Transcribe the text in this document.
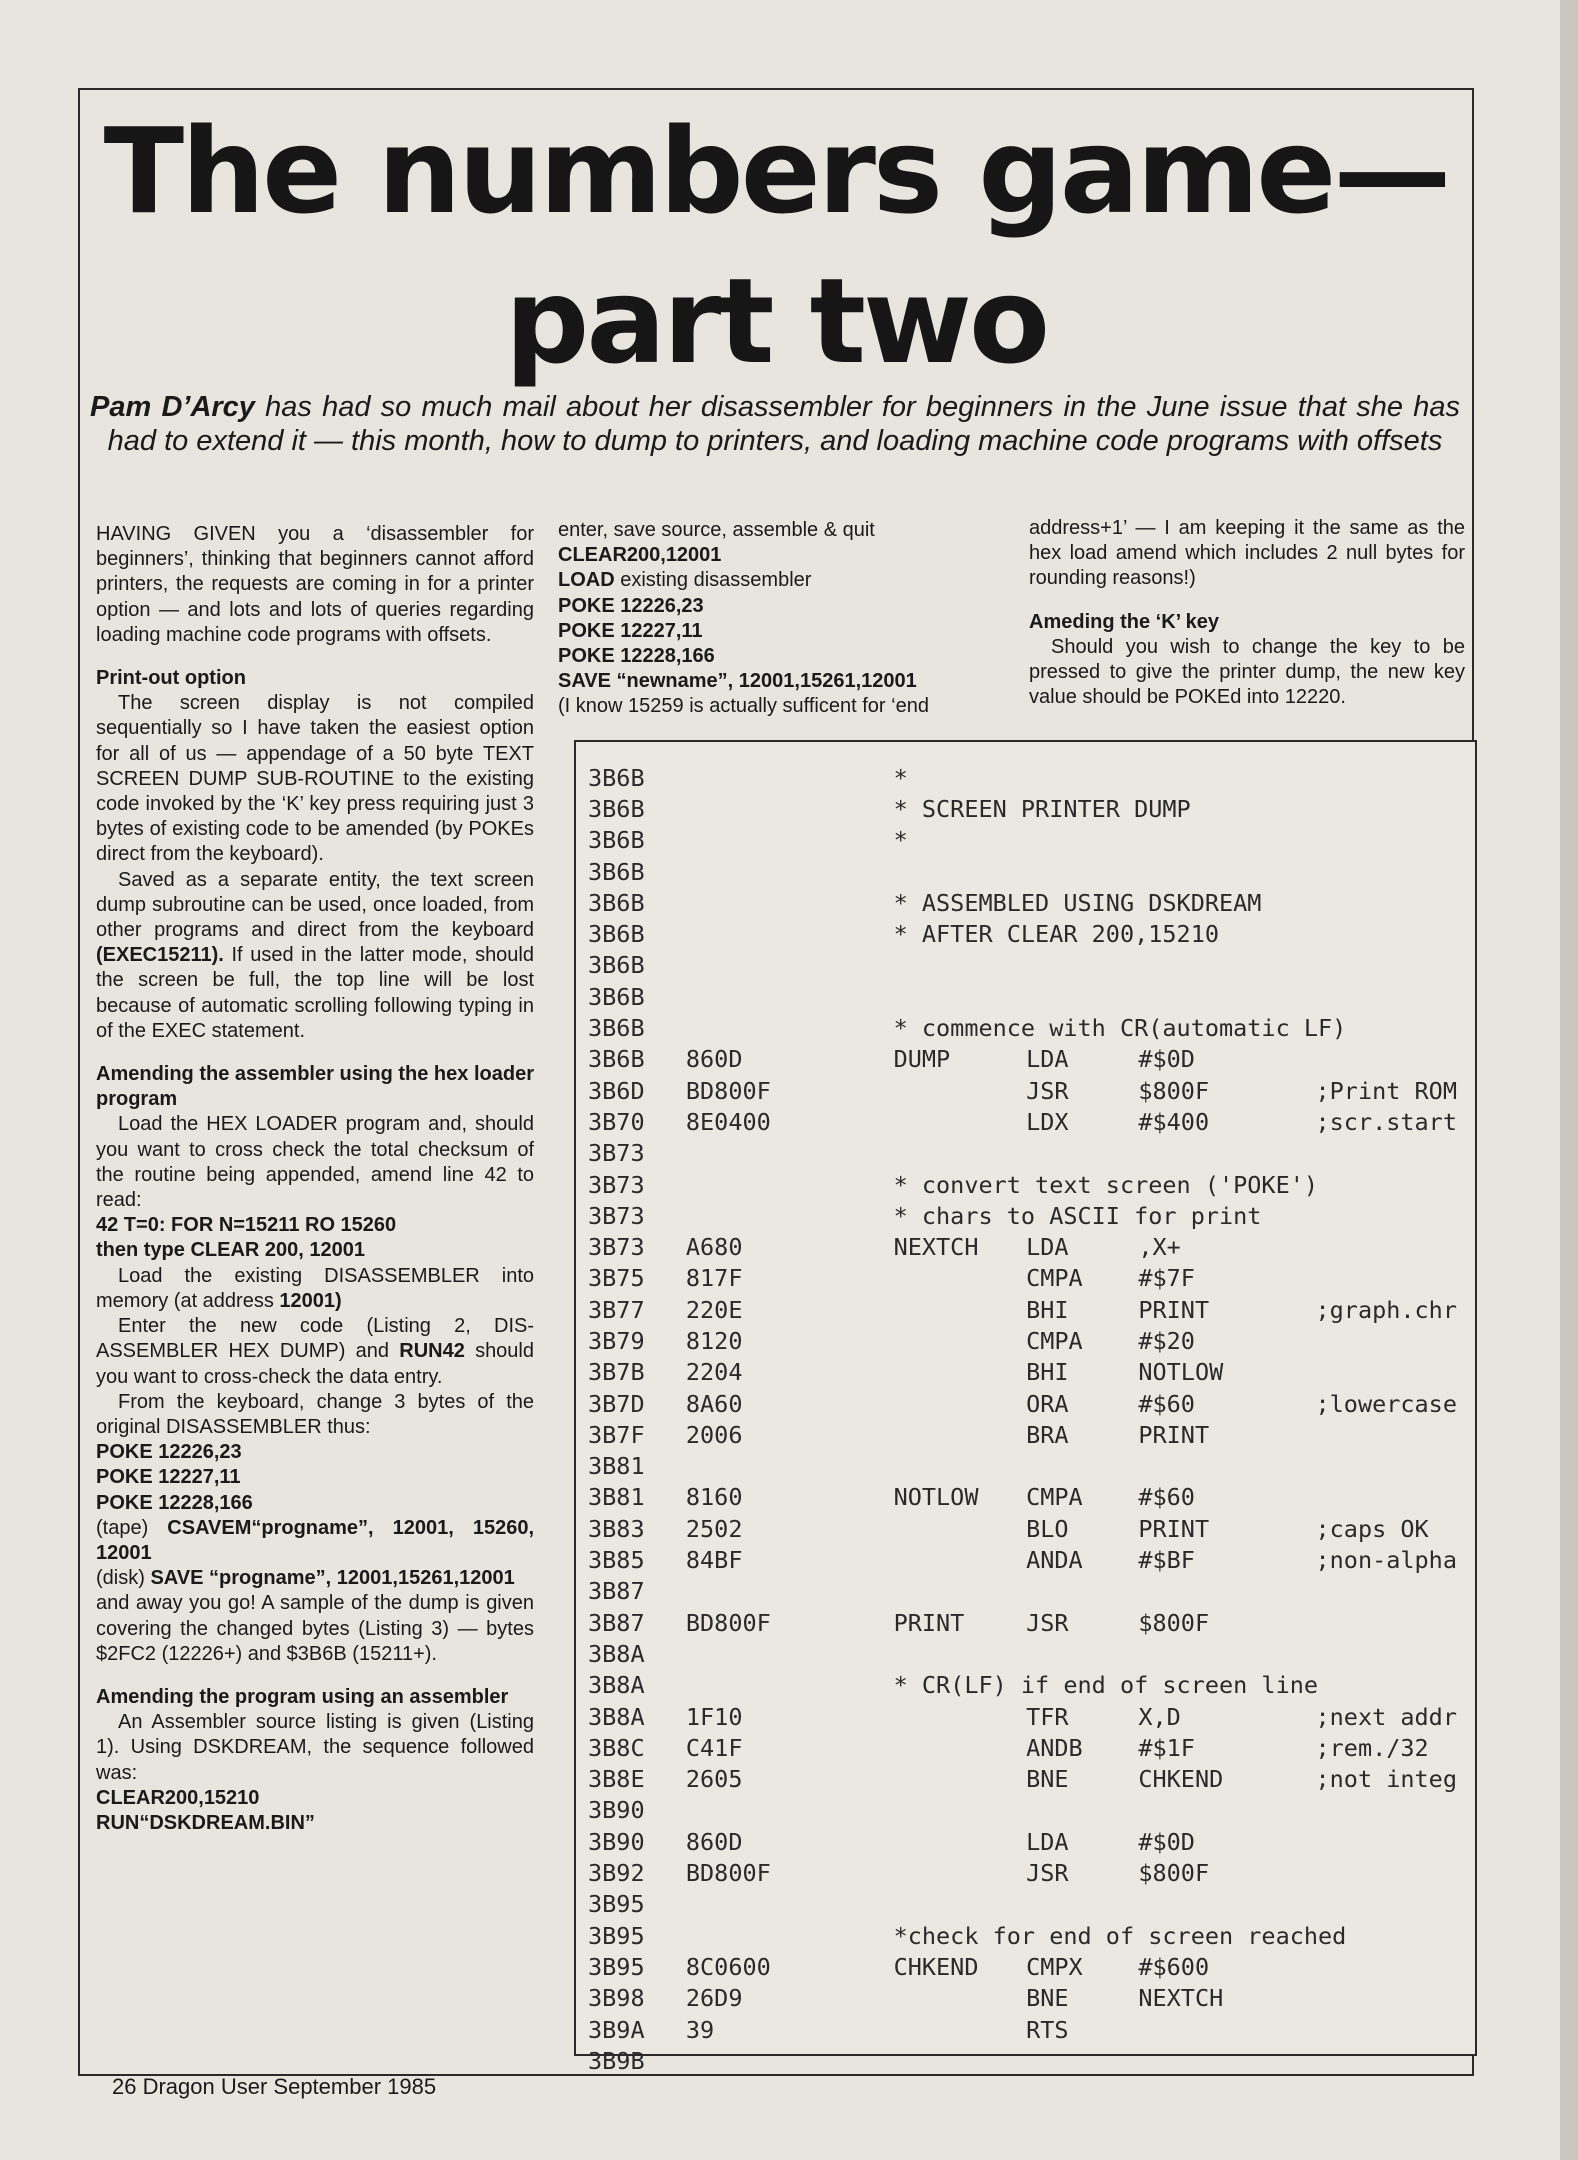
The numbers game—
part two
Pam D’Arcy has had so much mail about her disassembler for beginners in the June issue that she has had to extend it — this month, how to dump to printers, and loading machine code programs with offsets

HAVING GIVEN you a ‘disassembler for beginners’, thinking that beginners cannot afford printers, the requests are coming in for a printer option — and lots and lots of queries regarding loading machine code programs with offsets.

Print-out option

The screen display is not compiled sequentially so I have taken the easiest option for all of us — appendage of a 50 byte TEXT SCREEN DUMP SUB-ROUTINE to the existing code invoked by the ‘K’ key press requiring just 3 bytes of existing code to be amended (by POKEs direct from the keyboard).

Saved as a separate entity, the text screen dump subroutine can be used, once loaded, from other programs and direct from the keyboard (EXEC15211). If used in the latter mode, should the screen be full, the top line will be lost because of automatic scrolling following typing in of the EXEC statement.

Amending the assembler using the hex loader program

Load the HEX LOADER program and, should you want to cross check the total checksum of the routine being appended, amend line 42 to read:

42 T=0: FOR N=15211 RO 15260

then type CLEAR 200, 12001

Load the existing DISASSEMBLER into memory (at address 12001)

Enter the new code (Listing 2, DIS-ASSEMBLER HEX DUMP) and RUN42 should you want to cross-check the data entry.

From the keyboard, change 3 bytes of the original DISASSEMBLER thus:

POKE 12226,23

POKE 12227,11

POKE 12228,166

(tape) CSAVEM“progname”, 12001, 15260, 12001

(disk) SAVE “progname”, 12001,15261,12001

and away you go! A sample of the dump is given covering the changed bytes (Listing 3) — bytes $2FC2 (12226+) and $3B6B (15211+).

Amending the program using an assembler

An Assembler source listing is given (Listing 1). Using DSKDREAM, the sequence followed was:

CLEAR200,15210

RUN“DSKDREAM.BIN”

enter, save source, assemble & quit

CLEAR200,12001

LOAD existing disassembler

POKE 12226,23

POKE 12227,11

POKE 12228,166

SAVE “newname”, 12001,15261,12001

(I know 15259 is actually sufficent for ‘end

address+1’ — I am keeping it the same as the hex load amend which includes 2 null bytes for rounding reasons!)

Ameding the ‘K’ key

Should you wish to change the key to be pressed to give the printer dump, the new key value should be POKEd into 12220.

3B6B		*			
3B6B		* SCREEN PRINTER DUMP			
3B6B		*			
3B6B					
3B6B		* ASSEMBLED USING DSKDREAM			
3B6B		* AFTER CLEAR 200,15210			
3B6B					
3B6B					
3B6B		* commence with CR(automatic LF)			
3B6B	860D	DUMP	LDA	#$0D	
3B6D	BD800F		JSR	$800F	;Print ROM
3B70	8E0400		LDX	#$400	;scr.start
3B73					
3B73		* convert text screen ('POKE')			
3B73		* chars to ASCII for print			
3B73	A680	NEXTCH	LDA	,X+	
3B75	817F		CMPA	#$7F	
3B77	220E		BHI	PRINT	;graph.chr
3B79	8120		CMPA	#$20	
3B7B	2204		BHI	NOTLOW	
3B7D	8A60		ORA	#$60	;lowercase
3B7F	2006		BRA	PRINT	
3B81					
3B81	8160	NOTLOW	CMPA	#$60	
3B83	2502		BLO	PRINT	;caps OK
3B85	84BF		ANDA	#$BF	;non-alpha
3B87					
3B87	BD800F	PRINT	JSR	$800F	
3B8A					
3B8A		* CR(LF) if end of screen line			
3B8A	1F10		TFR	X,D	;next addr
3B8C	C41F		ANDB	#$1F	;rem./32
3B8E	2605		BNE	CHKEND	;not integ
3B90					
3B90	860D		LDA	#$0D	
3B92	BD800F		JSR	$800F	
3B95					
3B95		*check for end of screen reached			
3B95	8C0600	CHKEND	CMPX	#$600	
3B98	26D9		BNE	NEXTCH	
3B9A	39		RTS		
3B9B					
26 Dragon User September 1985
